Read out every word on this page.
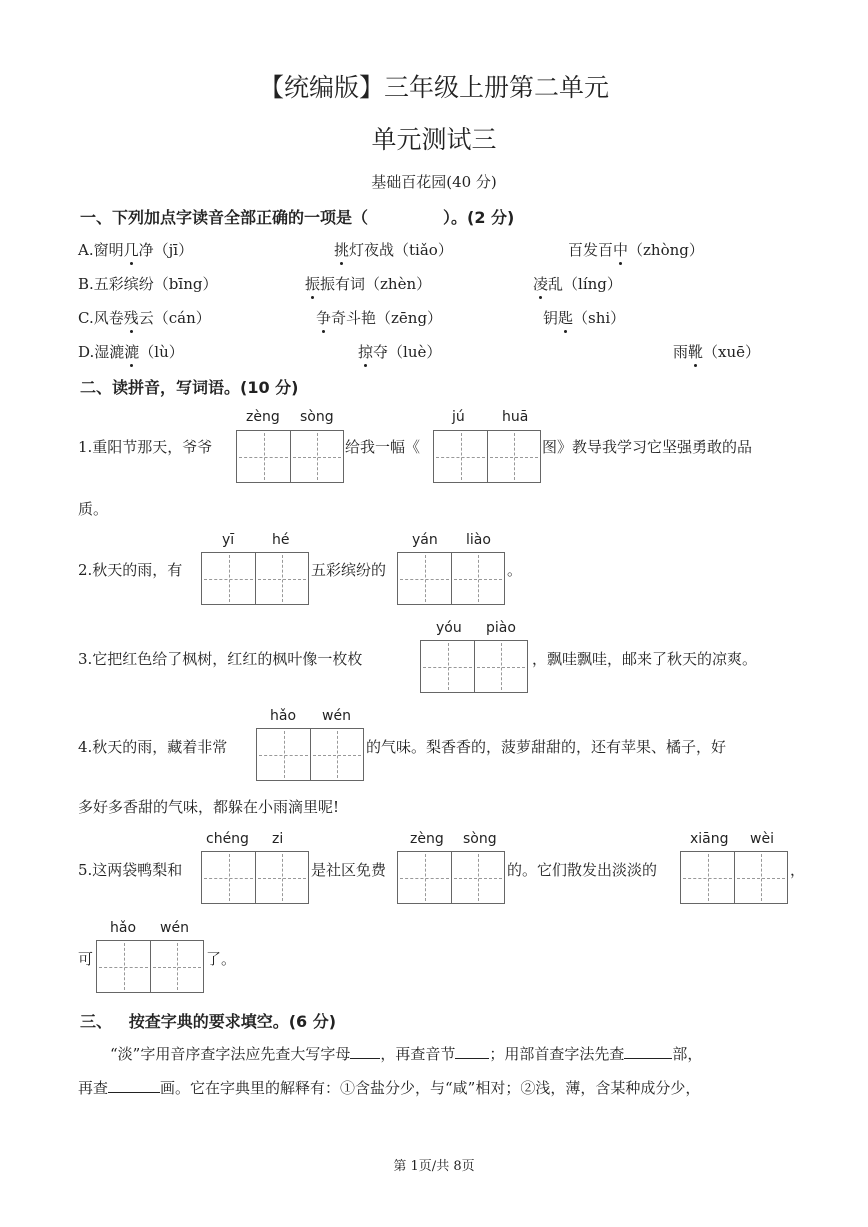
【统编版】三年级上册第二单元
单元测试三
基础百花园(40 分)
一、下列加点字读音全部正确的一项是（	）。(2 分)
A.窗明几净（jī）	挑灯夜战（tiǎo）	百发百中（zhòng）
B.五彩缤纷（bīng）	振振有词（zhèn）	凌乱（líng）
C.风卷残云（cán）	争奇斗艳（zēng）	钥匙（shi）
D.湿漉漉（lù）	掠夺（luè）	雨靴（xuē）
二、读拼音，写词语。(10 分)
zèng sòng	jú	huā
1.重阳节那天，爷爷	给我一幅《	图》教导我学习它坚强勇敢的品
质。
yī	hé	yán liào
2.秋天的雨，有	五彩缤纷的	。
yóu piào
3.它把红色给了枫树，红红的枫叶像一枚枚	，飘哇飘哇，邮来了秋天的凉爽。
hǎo wén
4.秋天的雨，藏着非常	的气味。梨香香的，菠萝甜甜的，还有苹果、橘子，好
多好多香甜的气味，都躲在小雨滴里呢!
chéng zi	zèng sòng	xiāng wèi
5.这两袋鸭梨和	是社区免费	的。它们散发出淡淡的	，
hǎo wén
可	了。
三、   按查字典的要求填空。(6 分)
“淡”字用音序查字法应先查大写字母 ，再查音节 ；用部首查字法先查	部，
再查	画。它在字典里的解释有：①含盐分少，与“咸”相对；②浅，薄，含某种成分少，
第 1页/共 8页
